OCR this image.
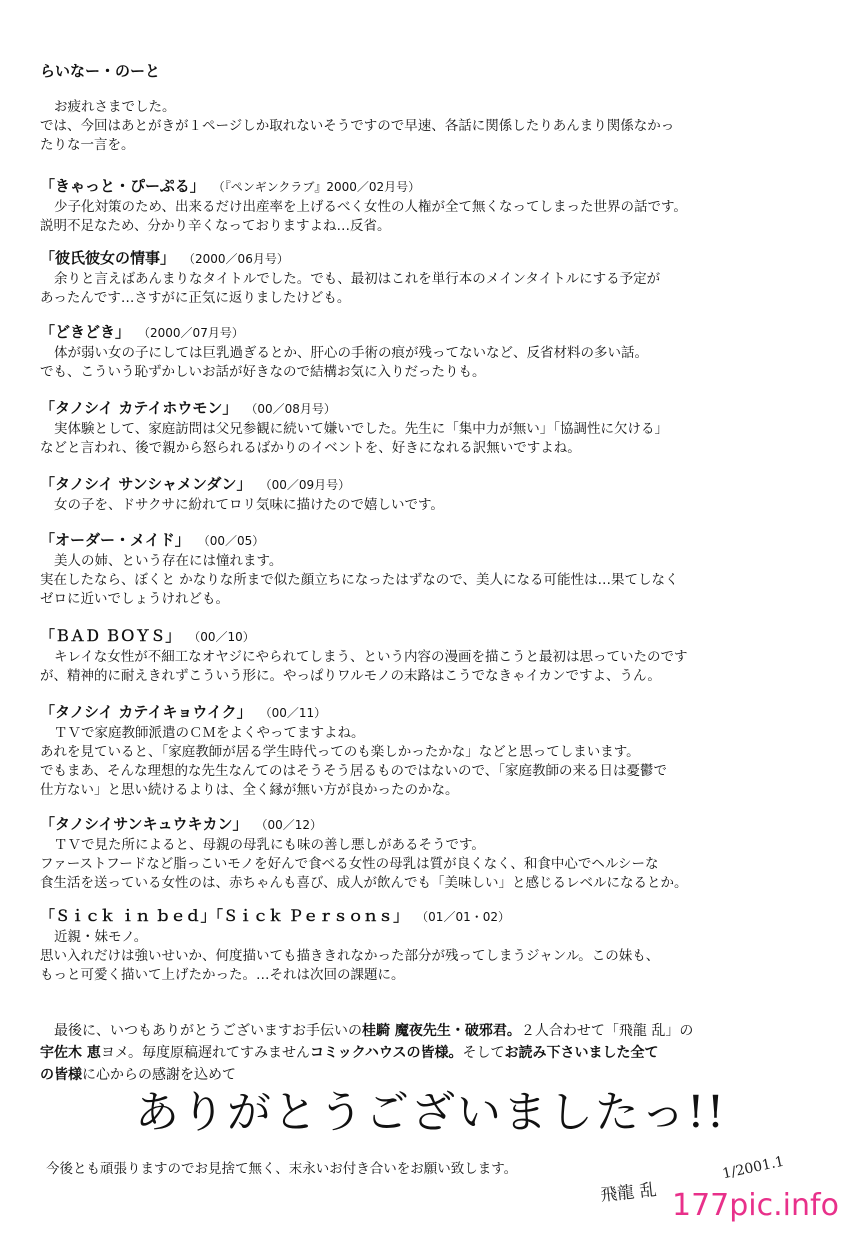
らいなー・のーと
お疲れさまでした。
では、今回はあとがきが１ページしか取れないそうですので早速、各話に関係したりあんまり関係なかっ
たりな一言を。
「きゃっと・ぴーぷる」 （『ペンギンクラブ』2000／02月号）
少子化対策のため、出来るだけ出産率を上げるべく女性の人権が全て無くなってしまった世界の話です。
説明不足なため、分かり辛くなっておりますよね…反省。
「彼氏彼女の情事」 （2000／06月号）
余りと言えばあんまりなタイトルでした。でも、最初はこれを単行本のメインタイトルにする予定が
あったんです…さすがに正気に返りましたけども。
「どきどき」 （2000／07月号）
体が弱い女の子にしては巨乳過ぎるとか、肝心の手術の痕が残ってないなど、反省材料の多い話。
でも、こういう恥ずかしいお話が好きなので結構お気に入りだったりも。
「タノシイ カテイホウモン」 （00／08月号）
実体験として、家庭訪問は父兄参観に続いて嫌いでした。先生に「集中力が無い」「協調性に欠ける」
などと言われ、後で親から怒られるばかりのイベントを、好きになれる訳無いですよね。
「タノシイ サンシャメンダン」 （00／09月号）
女の子を、ドサクサに紛れてロリ気味に描けたので嬉しいです。
「オーダー・メイド」 （00／05）
美人の姉、という存在には憧れます。
実在したなら、ぼくと かなりな所まで似た顔立ちになったはずなので、美人になる可能性は…果てしなく
ゼロに近いでしょうけれども。
「ＢＡＤ ＢＯＹＳ」 （00／10）
キレイな女性が不細工なオヤジにやられてしまう、という内容の漫画を描こうと最初は思っていたのです
が、精神的に耐えきれずこういう形に。やっぱりワルモノの末路はこうでなきゃイカンですよ、うん。
「タノシイ カテイキョウイク」 （00／11）
ＴＶで家庭教師派遣のＣＭをよくやってますよね。
あれを見ていると、「家庭教師が居る学生時代ってのも楽しかったかな」などと思ってしまいます。
でもまあ、そんな理想的な先生なんてのはそうそう居るものではないので、「家庭教師の来る日は憂鬱で
仕方ない」と思い続けるよりは、全く縁が無い方が良かったのかな。
「タノシイサンキュウキカン」 （00／12）
ＴＶで見た所によると、母親の母乳にも味の善し悪しがあるそうです。
ファーストフードなど脂っこいモノを好んで食べる女性の母乳は質が良くなく、和食中心でヘルシーな
食生活を送っている女性のは、赤ちゃんも喜び、成人が飲んでも「美味しい」と感じるレベルになるとか。
「Ｓｉｃｋ ｉｎ ｂｅｄ」「Ｓｉｃｋ Ｐｅｒｓｏｎｓ」 （01／01・02）
近親・妹モノ。
思い入れだけは強いせいか、何度描いても描ききれなかった部分が残ってしまうジャンル。この妹も、
もっと可愛く描いて上げたかった。…それは次回の課題に。
最後に、いつもありがとうございますお手伝いの桂騎 魔夜先生・破邪君。２人合わせて「飛龍 乱」の
宇佐木 恵ヨメ。毎度原稿遅れてすみませんコミックハウスの皆様。そしてお読み下さいました全て
の皆様に心からの感謝を込めて
ありがとうございましたっ!!
今後とも頑張りますのでお見捨て無く、末永いお付き合いをお願い致します。
飛龍 乱
1/2001.1
177pic.info
